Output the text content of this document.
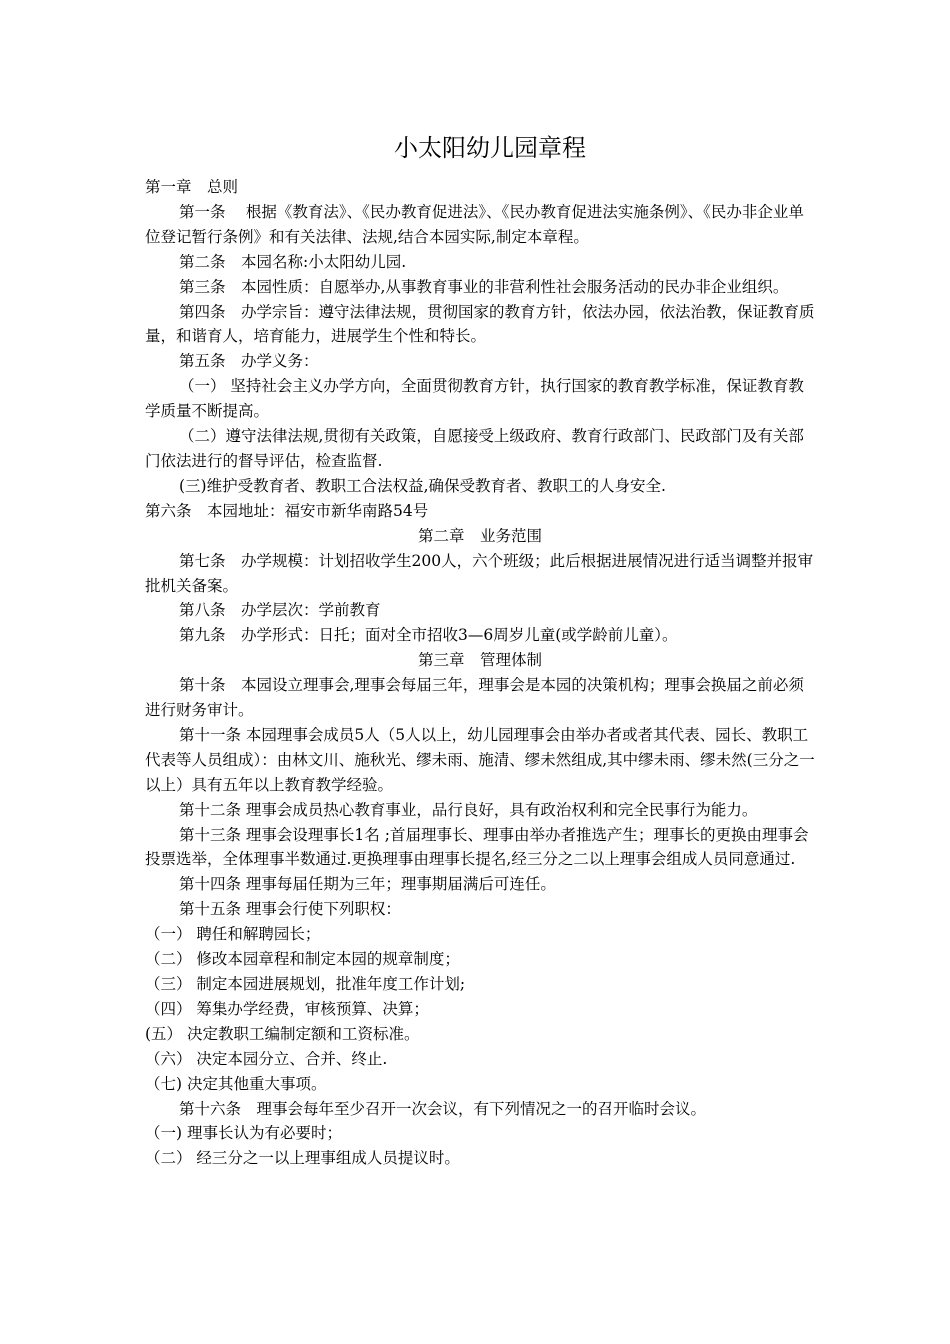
小太阳幼儿园章程

第一章　总则

第一条　 根据《教育法》、《民办教育促进法》、《民办教育促进法实施条例》、《民办非企业单位登记暂行条例》和有关法律、法规,结合本园实际,制定本章程。

第二条　本园名称:小太阳幼儿园.

第三条　本园性质：自愿举办,从事教育事业的非营利性社会服务活动的民办非企业组织。

第四条　办学宗旨：遵守法律法规，贯彻国家的教育方针，依法办园，依法治教，保证教育质量，和谐育人，培育能力，进展学生个性和特长。

第五条　办学义务：

（一） 坚持社会主义办学方向，全面贯彻教育方针，执行国家的教育教学标准，保证教育教学质量不断提高。

（二）遵守法律法规,贯彻有关政策，自愿接受上级政府、教育行政部门、民政部门及有关部门依法进行的督导评估，检查监督.

(三)维护受教育者、教职工合法权益,确保受教育者、教职工的人身安全.

第六条　本园地址：福安市新华南路54号

第二章　业务范围

第七条　办学规模：计划招收学生200人，六个班级；此后根据进展情况进行适当调整并报审批机关备案。

第八条　办学层次：学前教育

第九条　办学形式：日托；面对全市招收3—6周岁儿童(或学龄前儿童）。

第三章　管理体制

第十条　本园设立理事会,理事会每届三年，理事会是本园的决策机构；理事会换届之前必须进行财务审计。

第十一条 本园理事会成员5人（5人以上，幼儿园理事会由举办者或者其代表、园长、教职工代表等人员组成）：由林文川、施秋光、缪未雨、施清、缪未然组成,其中缪未雨、缪未然(三分之一以上）具有五年以上教育教学经验。

第十二条 理事会成员热心教育事业，品行良好，具有政治权利和完全民事行为能力。

第十三条 理事会设理事长1名 ;首届理事长、理事由举办者推选产生；理事长的更换由理事会投票选举，全体理事半数通过.更换理事由理事长提名,经三分之二以上理事会组成人员同意通过.

第十四条 理事每届任期为三年；理事期届满后可连任。

第十五条 理事会行使下列职权：

（一） 聘任和解聘园长；

（二） 修改本园章程和制定本园的规章制度；

（三） 制定本园进展规划，批准年度工作计划;

（四） 筹集办学经费，审核预算、决算；

(五） 决定教职工编制定额和工资标准。

（六） 决定本园分立、合并、终止.

（七) 决定其他重大事项。

第十六条　理事会每年至少召开一次会议，有下列情况之一的召开临时会议。

（一) 理事长认为有必要时；

（二） 经三分之一以上理事组成人员提议时。
